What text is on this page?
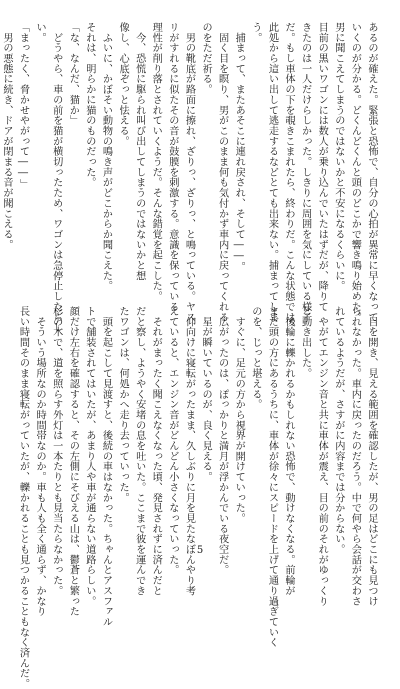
あるのが確えた。緊張と恐怖で、自分の心拍が異常に早くなって
いくのが分かる。どくんどくんと頭のどこかで響き鳴り始めた。
男に聞こえてしまうのではないかと不安になるくらいに。
目前の黒いワゴンには数人が乗り込んでいたはずだが、降りて
きたのは一人だけらしかった。しきりに周囲を気にしている様子
だ。もし車体の下を覗きこまれたら、終わりだ。こんな状態では、
此処から這い出して逃走するなどとても出来ない。捕まってしま
う。
　捕まって、またあそこに連れ戻され、そして――。
　固く目を瞑り、男がこのまま何も気付かず車内に戻ってくれる
のをただ祈る。
　男の靴底が路面に擦れ、ざりっ、ざりっ、と鳴っている。ヤス
リがすれるに似たその音が鼓膜を刺激する。意識を保っている
理性が削り落とされていくようだ。そんな錯覚を起こした。
　今、恐慌に駆られ叫び出してしまうのではないかと想
像し、心底ぞっと怯える。
　ふいに、かぼそい動物の鳴き声がどこからか聞こえた。
それは、明らかに猫のものだった。
「な、なんだ、猫か」
　どうやら、車の前を猫が横切ったため、ワゴンは急停止したらし
い。
「まったく、脅かせやがって――」
　男の悪態に続き、ドアが閉まる音が聞こえる。
　目を開き、見える範囲を確認したが、男の足はどこにも見つけ
られなかった。車内に戻ったのだろう。中で何やら会話が交わさ
れているようだが、さすがに内容までは分からない。
　やがてエンジン音と共に車体が震え、目の前のそれがゆっくり
と動き出した。
　後輪に轢かれるかもしれない恐怖で、動けなくなる。前輪が
まだ頭の方にあるうちに、車体が徐々にスピードを上げて通り過ぎていく
のを、じっと堪える。
　すぐに、足元の方から視界が開けていった。
　広がったのは、ぽっかりと満月が浮かんでいる夜空だ。
　星が瞬いているのが、良く見える。
　仰向けに寝転がったまま、久しぶりに月を見たなぼんやり考
えていると、エンジン音がどんどん小さくなっていった。
　それがまったく聞こえなくなった頃、発見されずに済んだと
だと察し、ようやく安堵の息を吐いた。ここまで彼を運んでき
たワゴンは、何処かへ走り去っていった。
　頭を起こして見渡すと、後続の車はなかった。ちゃんとアスファル
トで舗装されてはいたが、あまり人や車が通らない道路らしい。
顔だけ左右を確認すると、その左側にそびえる山は、鬱蒼と繁った
杉の木で、道を照らす外灯は一本たりとも見当たらなかった。
　そういう場所なのか時間帯なのか。車も人も全く通らず、かなり
長い時間そのまま寝転がっていたが、轢かれることも見つかることもなく済んだ。	5
